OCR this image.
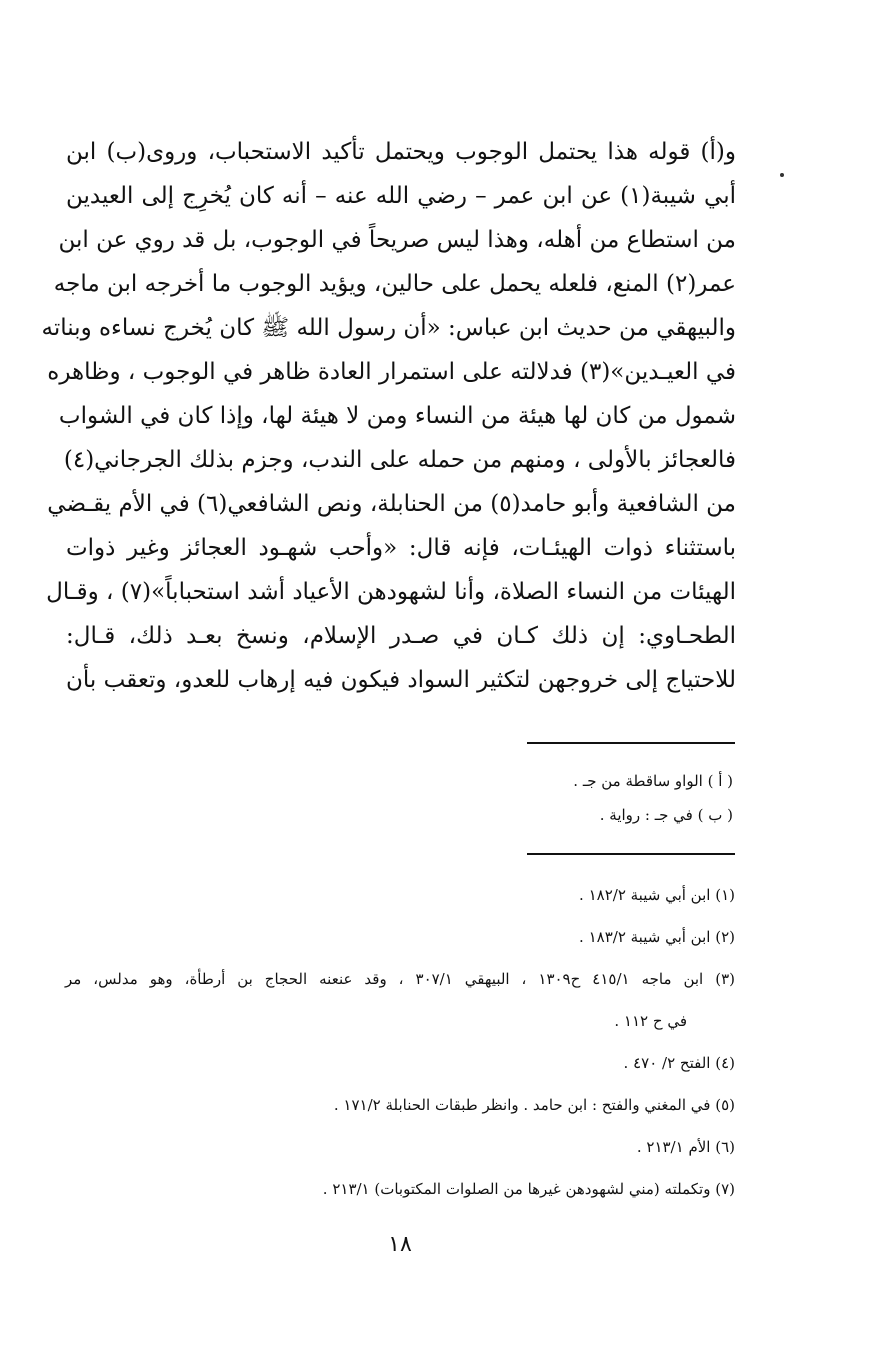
و(أ) قوله هذا يحتمل الوجوب ويحتمل تأكيد الاستحباب، وروى(ب) ابن
أبي شيبة(١) عن ابن عمر – رضي الله عنه – أنه كان يُخرِج إلى العيدين
من استطاع من أهله، وهذا ليس صريحاً في الوجوب، بل قد روي عن ابن
عمر(٢) المنع، فلعله يحمل على حالين، ويؤيد الوجوب ما أخرجه ابن ماجه
والبيهقي من حديث ابن عباس: «أن رسول الله ﷺ كان يُخرج نساءه وبناته
في العيـدين»(٣) فدلالته على استمرار العادة ظاهر في الوجوب ، وظاهره
شمول من كان لها هيئة من النساء ومن لا هيئة لها، وإذا كان في الشواب
فالعجائز بالأولى ، ومنهم من حمله على الندب، وجزم بذلك الجرجاني(٤)
من الشافعية وأبو حامد(٥) من الحنابلة، ونص الشافعي(٦) في الأم يقـضي
باستثناء ذوات الهيئـات، فإنه قال: «وأحب شهـود العجائز وغير ذوات
الهيئات من النساء الصلاة، وأنا لشهودهن الأعياد أشد استحباباً»(٧) ، وقـال
الطحـاوي: إن ذلك كـان في صـدر الإسلام، ونسخ بعـد ذلك، قـال:
للاحتياج إلى خروجهن لتكثير السواد فيكون فيه إرهاب للعدو، وتعقب بأن
( أ ) الواو ساقطة من جـ .
( ب ) في جـ : رواية .
(١) ابن أبي شيبة ١٨٢/٢ .
(٢) ابن أبي شيبة ١٨٣/٢ .
(٣) ابن ماجه ٤١٥/١ ح١٣٠٩ ، البيهقي ٣٠٧/١ ، وقد عنعنه الحجاج بن أرطأة، وهو مدلس، مر
في ح ١١٢ .
(٤) الفتح ٢/ ٤٧٠ .
(٥) في المغني والفتح : ابن حامد . وانظر طبقات الحنابلة ١٧١/٢ .
(٦) الأم ٢١٣/١ .
(٧) وتكملته (مني لشهودهن غيرها من الصلوات المكتوبات) ٢١٣/١ .
١٨
